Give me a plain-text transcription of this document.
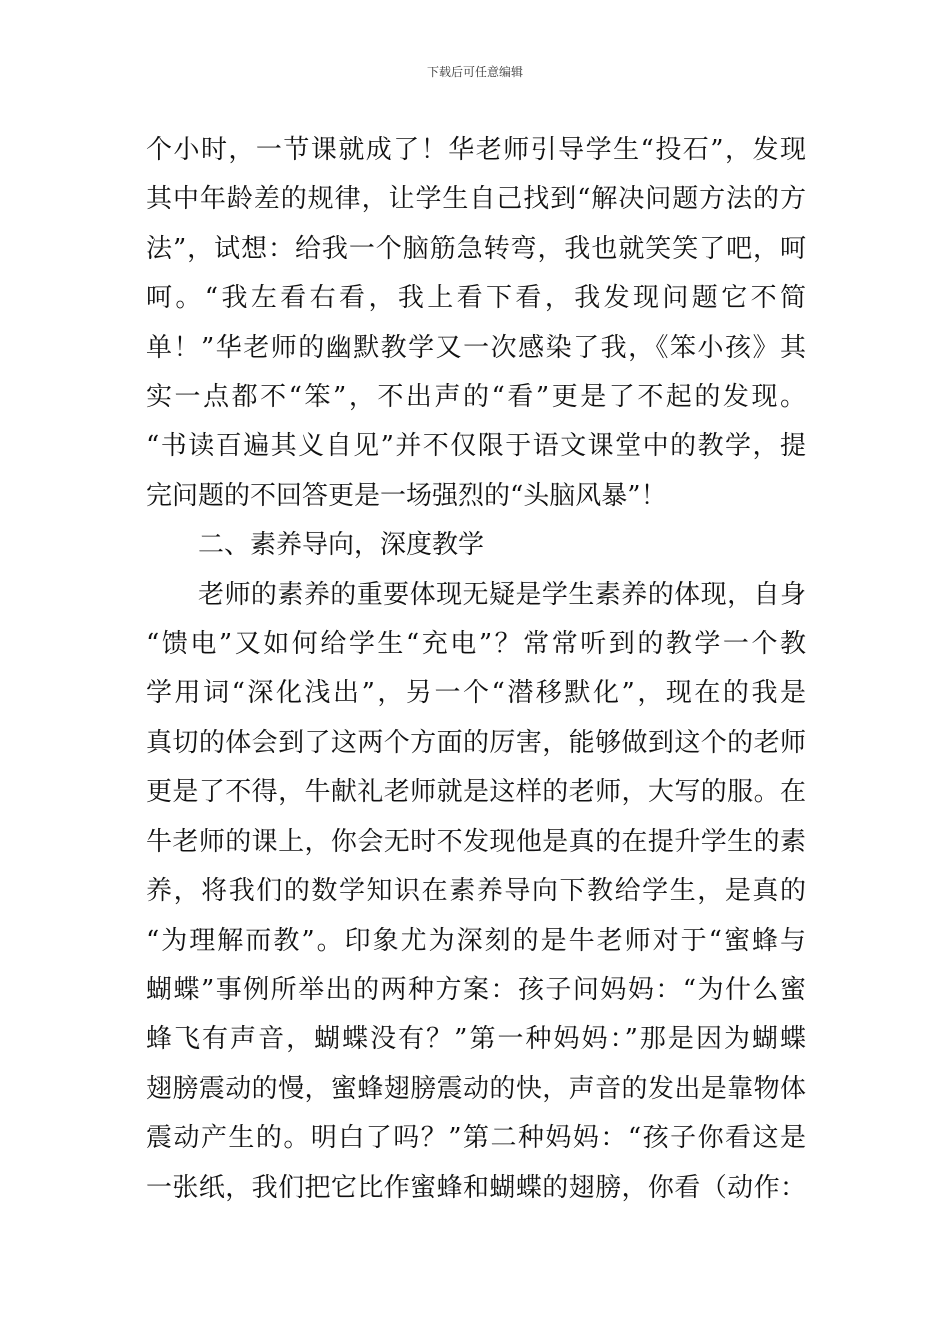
下载后可任意编辑
个小时，一节课就成了！华老师引导学生“投石”，发现
其中年龄差的规律，让学生自己找到“解决问题方法的方
法”，试想：给我一个脑筋急转弯，我也就笑笑了吧，呵
呵。“我左看右看，我上看下看，我发现问题它不简
单！”华老师的幽默教学又一次感染了我，《笨小孩》其
实一点都不“笨”，不出声的“看”更是了不起的发现。
“书读百遍其义自见”并不仅限于语文课堂中的教学，提
完问题的不回答更是一场强烈的“头脑风暴”！
二、素养导向，深度教学
老师的素养的重要体现无疑是学生素养的体现，自身
“馈电”又如何给学生“充电”？常常听到的教学一个教
学用词“深化浅出”，另一个“潜移默化”，现在的我是
真切的体会到了这两个方面的厉害，能够做到这个的老师
更是了不得，牛献礼老师就是这样的老师，大写的服。在
牛老师的课上，你会无时不发现他是真的在提升学生的素
养，将我们的数学知识在素养导向下教给学生，是真的
“为理解而教”。印象尤为深刻的是牛老师对于“蜜蜂与
蝴蝶”事例所举出的两种方案：孩子问妈妈：“为什么蜜
蜂飞有声音，蝴蝶没有？”第一种妈妈：”那是因为蝴蝶
翅膀震动的慢，蜜蜂翅膀震动的快，声音的发出是靠物体
震动产生的。明白了吗？”第二种妈妈：“孩子你看这是
一张纸，我们把它比作蜜蜂和蝴蝶的翅膀，你看（动作：
